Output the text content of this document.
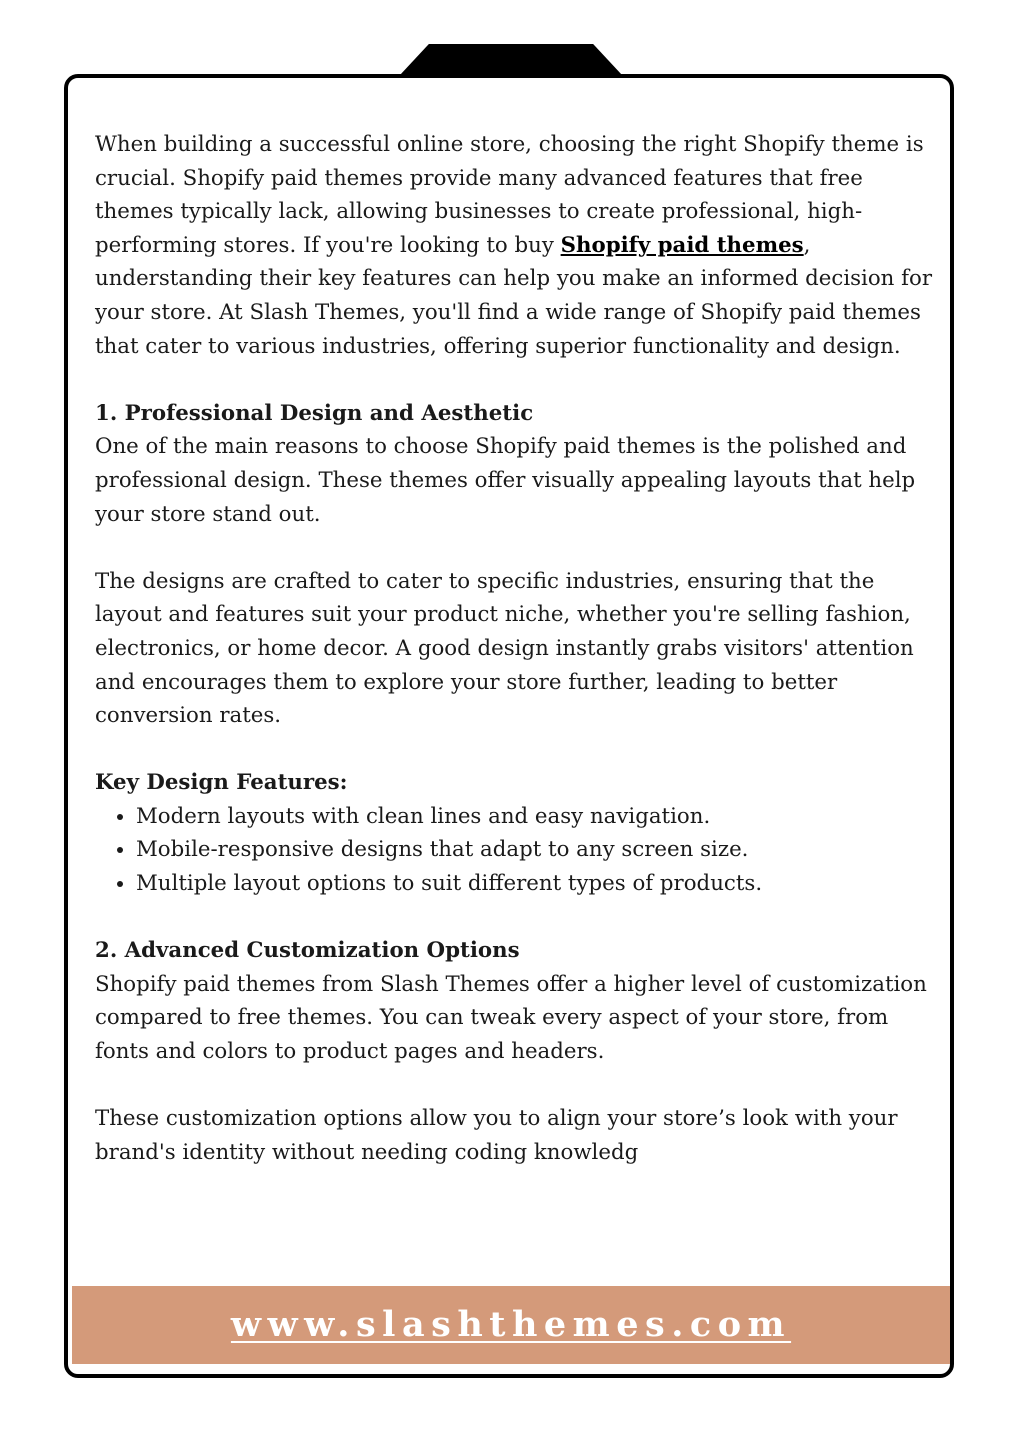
www.slashthemes.com

When building a successful online store, choosing the right Shopify theme is crucial. Shopify paid themes provide many advanced features that free themes typically lack, allowing businesses to create professional, high-performing stores. If you're looking to buy Shopify paid themes, understanding their key features can help you make an informed decision for your store. At Slash Themes, you'll find a wide range of Shopify paid themes that cater to various industries, offering superior functionality and design.

1. Professional Design and Aesthetic

One of the main reasons to choose Shopify paid themes is the polished and professional design. These themes offer visually appealing layouts that help your store stand out.

The designs are crafted to cater to specific industries, ensuring that the layout and features suit your product niche, whether you're selling fashion, electronics, or home decor. A good design instantly grabs visitors' attention and encourages them to explore your store further, leading to better conversion rates.

Key Design Features:
• Modern layouts with clean lines and easy navigation.
• Mobile-responsive designs that adapt to any screen size.
• Multiple layout options to suit different types of products.
2. Advanced Customization Options

Shopify paid themes from Slash Themes offer a higher level of customization compared to free themes. You can tweak every aspect of your store, from fonts and colors to product pages and headers.

These customization options allow you to align your store’s look with your brand's identity without needing coding knowledg
